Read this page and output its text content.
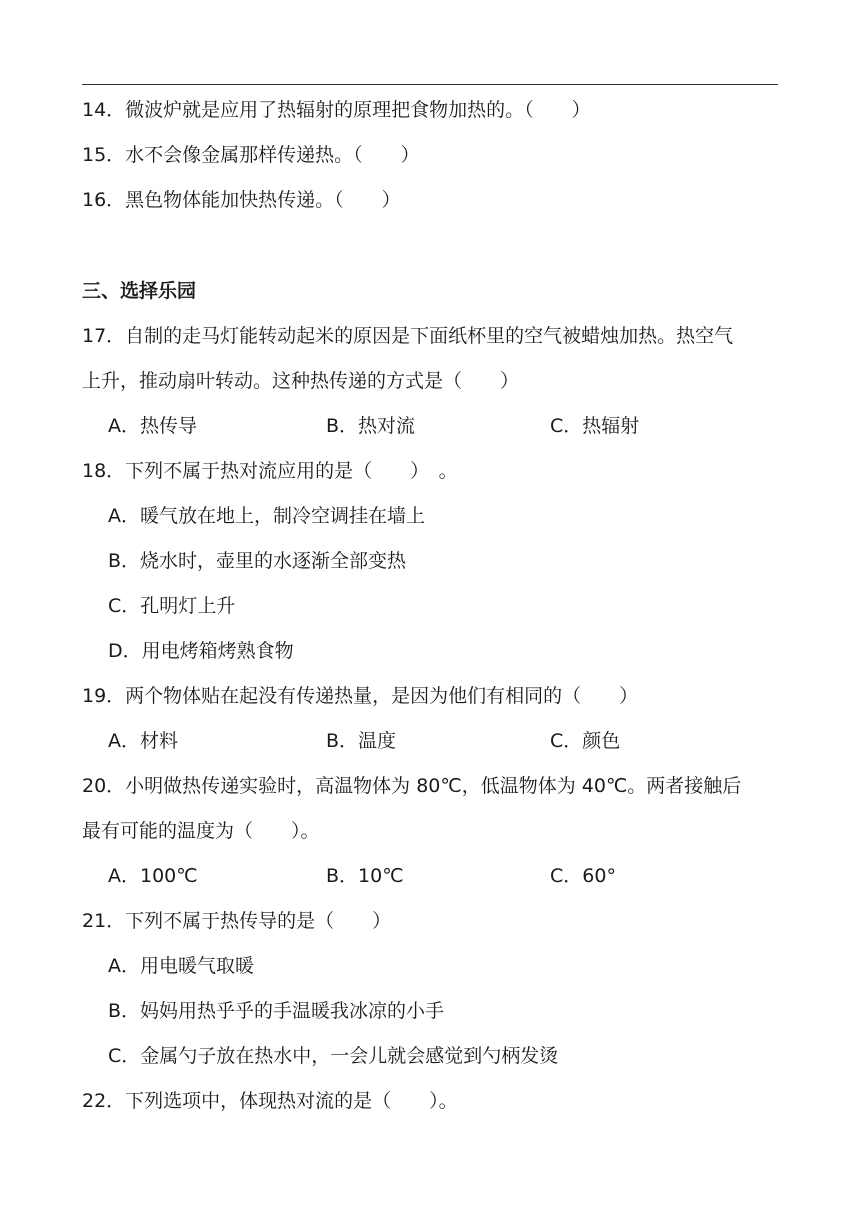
14．微波炉就是应用了热辐射的原理把食物加热的。（　　）
15．水不会像金属那样传递热。（　　）
16．黑色物体能加快热传递。（　　）
三、选择乐园
17．自制的走马灯能转动起米的原因是下面纸杯里的空气被蜡烛加热。热空气
上升，推动扇叶转动。这种热传递的方式是（　　）
A．热传导	B．热对流	C．热辐射
18．下列不属于热对流应用的是（　　）　。
A．暖气放在地上，制冷空调挂在墙上
B．烧水时，壶里的水逐渐全部变热
C．孔明灯上升
D．用电烤箱烤熟食物
19．两个物体贴在起没有传递热量，是因为他们有相同的（　　）
A．材料	B．温度	C．颜色
20．小明做热传递实验时，高温物体为 80℃，低温物体为 40℃。两者接触后
最有可能的温度为（　　）。
A．100℃	B．10℃	C．60°
21．下列不属于热传导的是（　　）
A．用电暖气取暖
B．妈妈用热乎乎的手温暖我冰凉的小手
C．金属勺子放在热水中，一会儿就会感觉到勺柄发烫
22．下列选项中，体现热对流的是（　　）。
